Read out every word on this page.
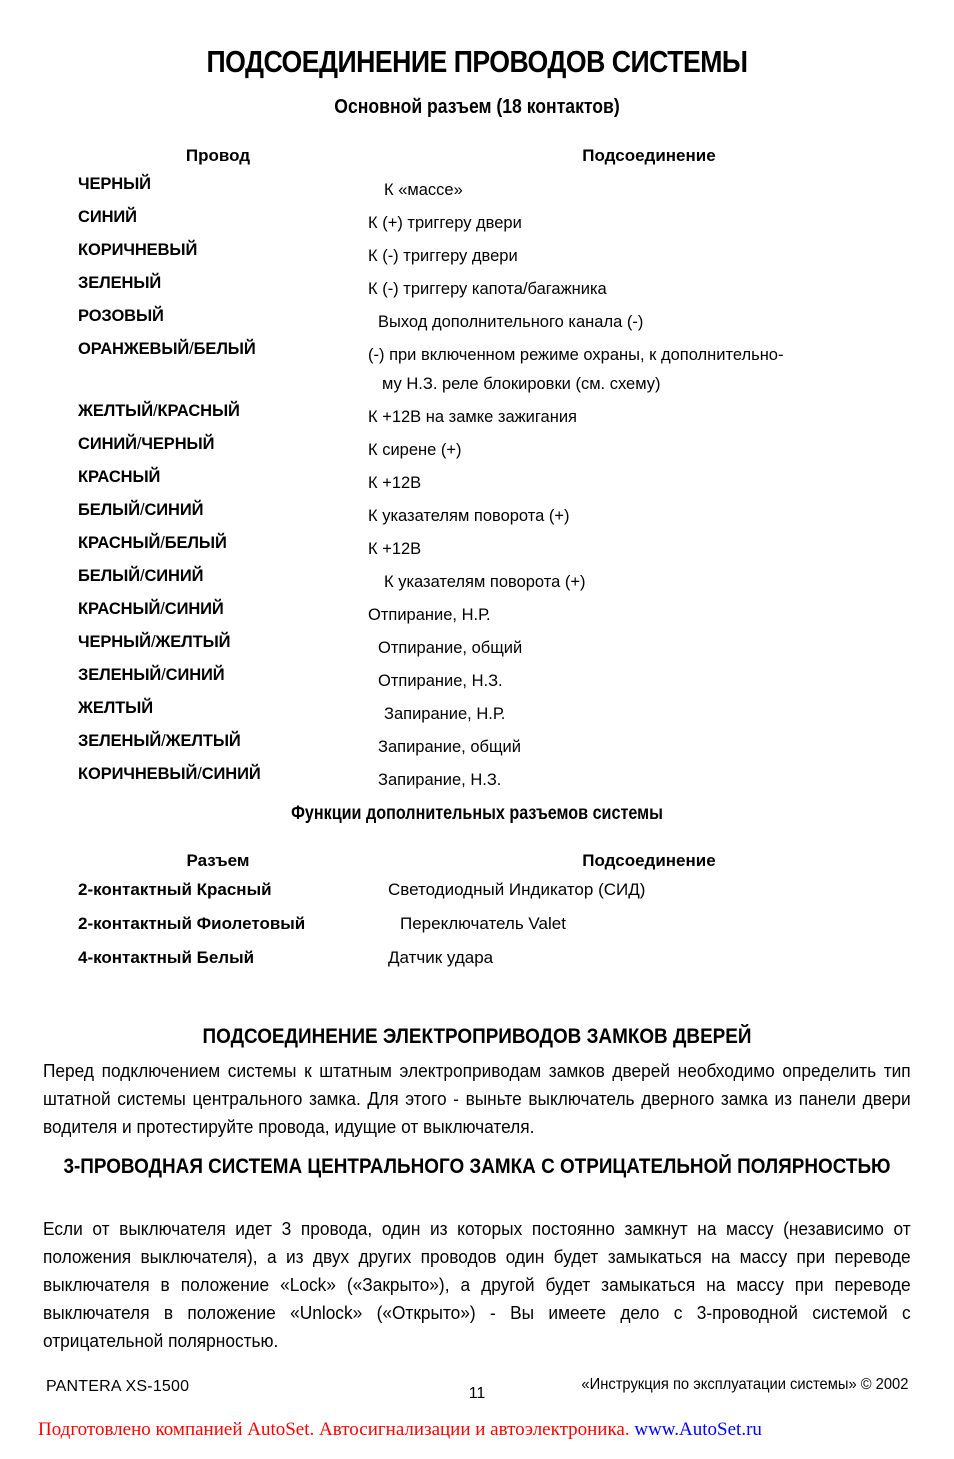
ПОДСОЕДИНЕНИЕ ПРОВОДОВ СИСТЕМЫ
Основной разъем (18 контактов)
Провод	Подсоединение
ЧЕРНЫЙ	К «массе»
СИНИЙ	К (+) триггеру двери
КОРИЧНЕВЫЙ	К (-) триггеру двери
ЗЕЛЕНЫЙ	К (-) триггеру капота/багажника
РОЗОВЫЙ	Выход дополнительного канала (-)
ОРАНЖЕВЫЙ/БЕЛЫЙ	(-) при включенном режиме охраны, к дополнительно-
му Н.З. реле блокировки (см. схему)
ЖЕЛТЫЙ/КРАСНЫЙ	К +12В на замке зажигания
СИНИЙ/ЧЕРНЫЙ	К сирене (+)
КРАСНЫЙ	К +12В
БЕЛЫЙ/СИНИЙ	К указателям поворота (+)
КРАСНЫЙ/БЕЛЫЙ	К +12В
БЕЛЫЙ/СИНИЙ	К указателям поворота (+)
КРАСНЫЙ/СИНИЙ	Отпирание, Н.Р.
ЧЕРНЫЙ/ЖЕЛТЫЙ	Отпирание, общий
ЗЕЛЕНЫЙ/СИНИЙ	Отпирание, Н.З.
ЖЕЛТЫЙ	Запирание, Н.Р.
ЗЕЛЕНЫЙ/ЖЕЛТЫЙ	Запирание, общий
КОРИЧНЕВЫЙ/СИНИЙ	Запирание, Н.З.
Функции дополнительных разъемов системы
Разъем	Подсоединение
2-контактный Красный	Светодиодный Индикатор (СИД)
2-контактный Фиолетовый	Переключатель Valet
4-контактный Белый	Датчик удара
ПОДСОЕДИНЕНИЕ ЭЛЕКТРОПРИВОДОВ ЗАМКОВ ДВЕРЕЙ
Перед подключением системы к штатным электроприводам замков дверей необходимо определить тип штатной системы центрального замка. Для этого - выньте выключатель дверного замка из панели двери водителя и протестируйте провода, идущие от выключателя.
3-ПРОВОДНАЯ СИСТЕМА ЦЕНТРАЛЬНОГО ЗАМКА С ОТРИЦАТЕЛЬНОЙ ПОЛЯРНОСТЬЮ
Если от выключателя идет 3 провода, один из которых постоянно замкнут на массу (независимо от положения выключателя), а из двух других проводов один будет замыкаться на массу при переводе выключателя в положение «Lock» («Закрыто»), а другой будет замыкаться на массу при переводе выключателя в положение «Unlock» («Открыто») - Вы имеете дело с 3-проводной системой с отрицательной полярностью.
PANTERA XS-1500	11
«Инструкция по эксплуатации системы» © 2002
Подготовлено компанией AutoSet. Автосигнализации и автоэлектроника. www.AutoSet.ru
